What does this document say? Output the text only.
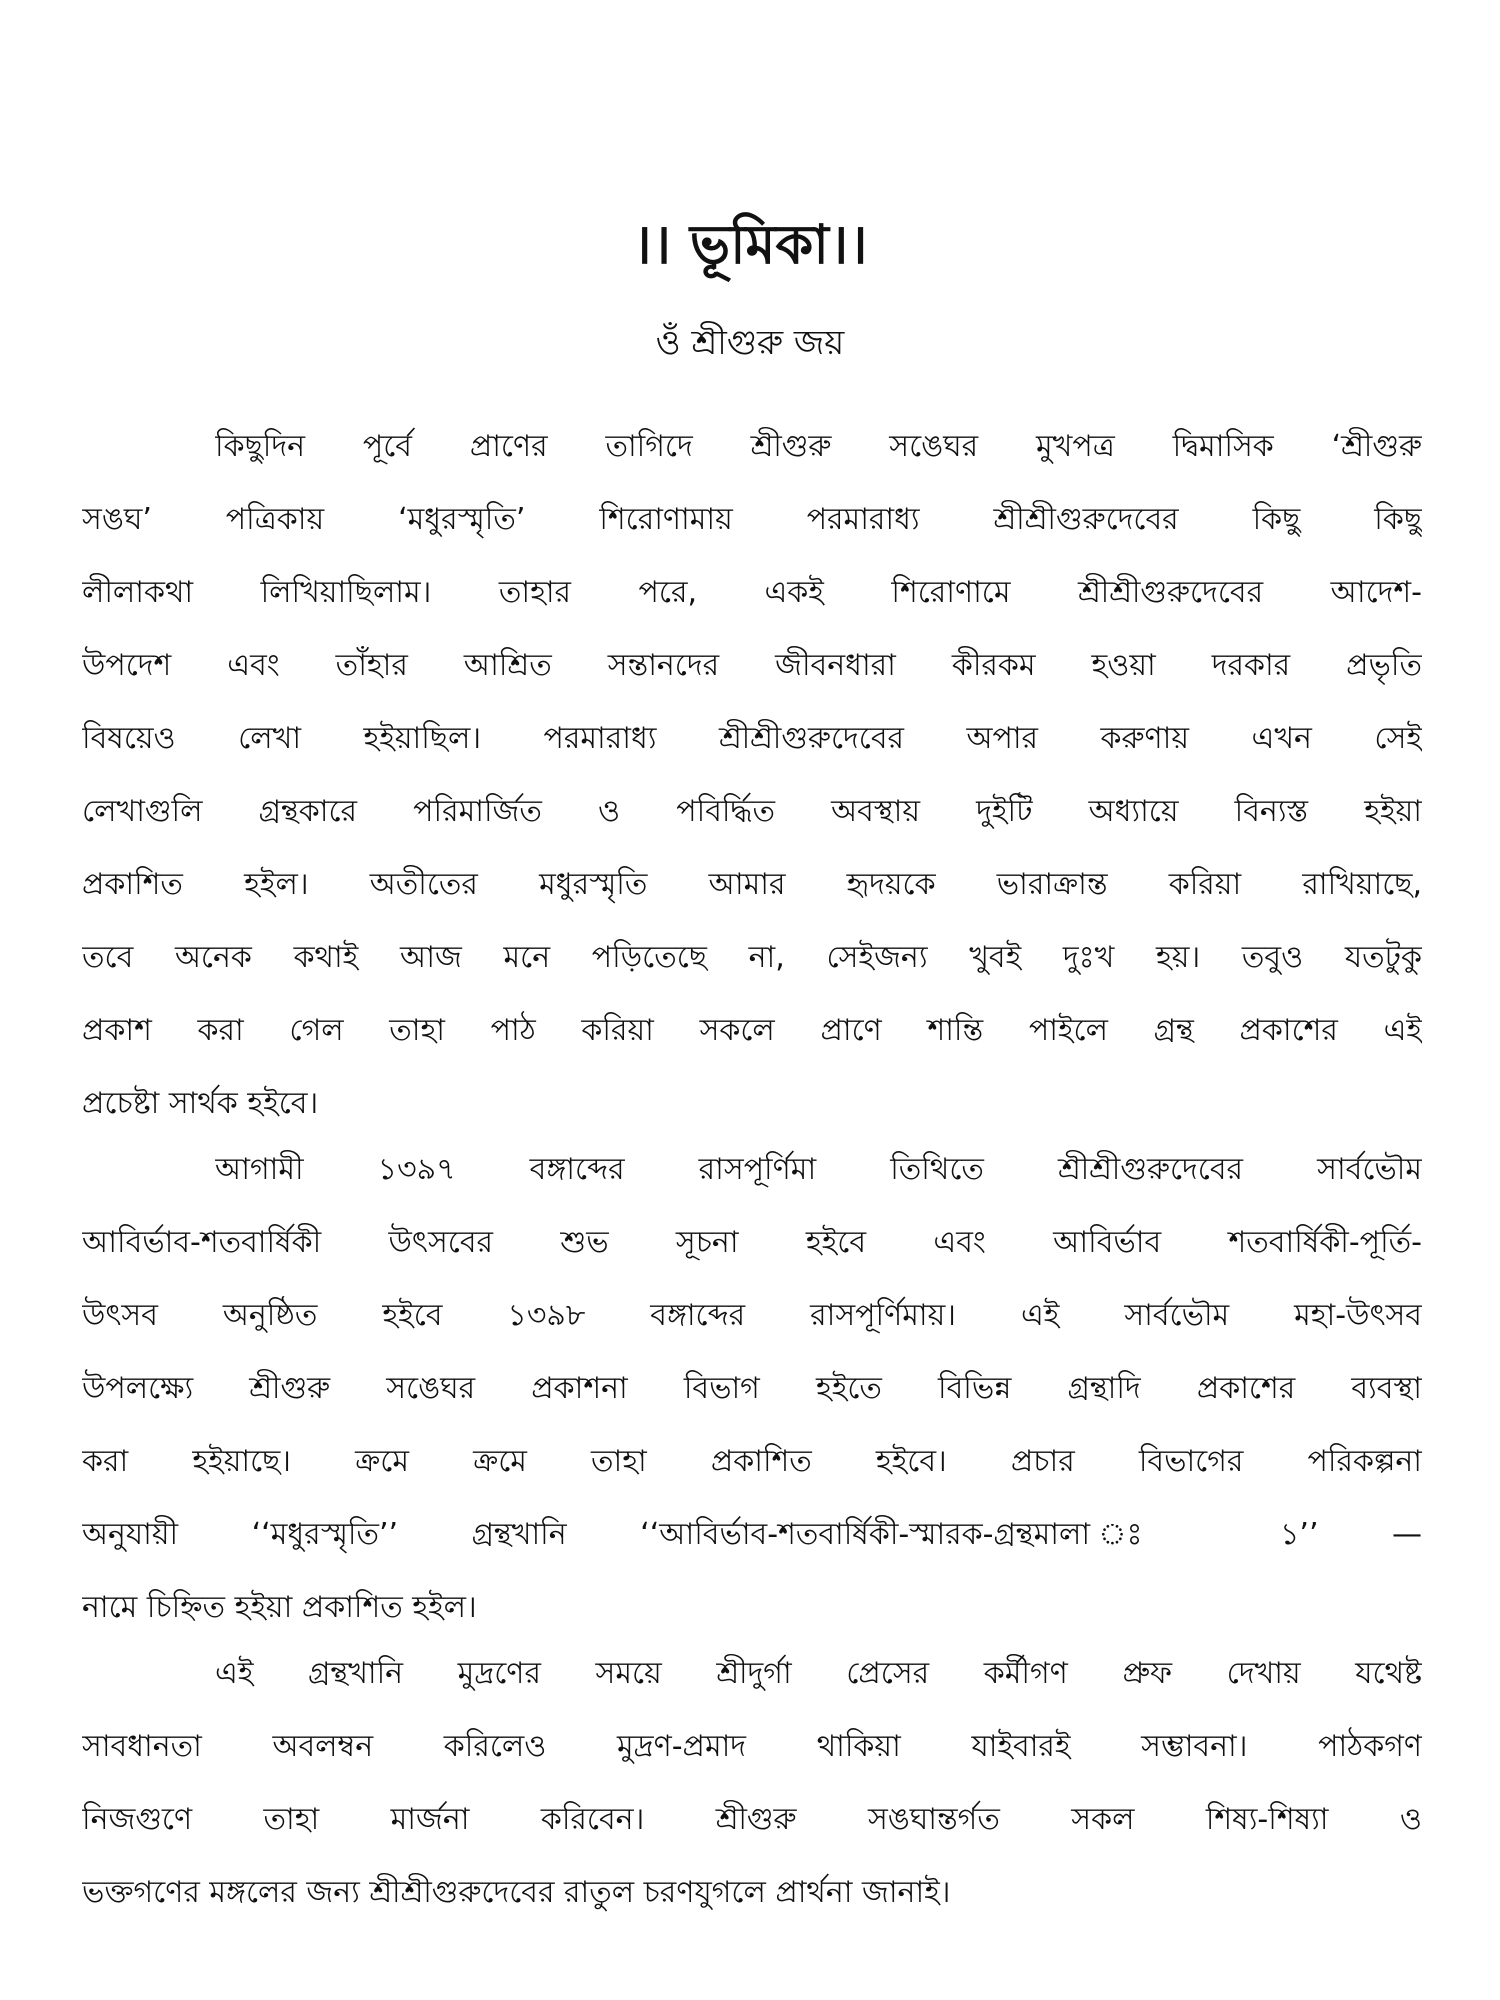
।। ভূমিকা।।
ওঁ শ্রীগুরু জয়
কিছুদিন পূর্বে প্রাণের তাগিদে শ্রীগুরু সঙেঘর মুখপত্র দ্বিমাসিক ‘শ্রীগুরু
সঙঘ’ পত্রিকায় ‘মধুরস্মৃতি’ শিরোণামায় পরমারাধ্য শ্রীশ্রীগুরুদেবের কিছু কিছু
লীলাকথা লিখিয়াছিলাম। তাহার পরে, একই শিরোণামে শ্রীশ্রীগুরুদেবের আদেশ-
উপদেশ এবং তাঁহার আশ্রিত সন্তানদের জীবনধারা কীরকম হওয়া দরকার প্রভৃতি
বিষয়েও লেখা হইয়াছিল। পরমারাধ্য শ্রীশ্রীগুরুদেবের অপার করুণায় এখন সেই
লেখাগুলি গ্রন্থকারে পরিমার্জিত ও পবির্দ্ধিত অবস্থায় দুইটি অধ্যায়ে বিন্যস্ত হইয়া
প্রকাশিত হইল। অতীতের মধুরস্মৃতি আমার হৃদয়কে ভারাক্রান্ত করিয়া রাখিয়াছে,
তবে অনেক কথাই আজ মনে পড়িতেছে না, সেইজন্য খুবই দুঃখ হয়। তবুও যতটুকু
প্রকাশ করা গেল তাহা পাঠ করিয়া সকলে প্রাণে শান্তি পাইলে গ্রন্থ প্রকাশের এই
প্রচেষ্টা সার্থক হইবে।
আগামী ১৩৯৭ বঙ্গাব্দের রাসপূর্ণিমা তিথিতে শ্রীশ্রীগুরুদেবের সার্বভৌম
আবির্ভাব-শতবার্ষিকী উৎসবের শুভ সূচনা হইবে এবং আবির্ভাব শতবার্ষিকী-পূর্তি-
উৎসব অনুষ্ঠিত হইবে ১৩৯৮ বঙ্গাব্দের রাসপূর্ণিমায়। এই সার্বভৌম মহা-উৎসব
উপলক্ষ্যে শ্রীগুরু সঙেঘর প্রকাশনা বিভাগ হইতে বিভিন্ন গ্রন্থাদি প্রকাশের ব্যবস্থা
করা হইয়াছে। ক্রমে ক্রমে তাহা প্রকাশিত হইবে। প্রচার বিভাগের পরিকল্পনা
অনুযায়ী ‘‘মধুরস্মৃতি’’ গ্রন্থখানি ‘‘আবির্ভাব-শতবার্ষিকী-স্মারক-গ্রন্থমালা ঃ ১’’ —
নামে চিহ্নিত হইয়া প্রকাশিত হইল।
এই গ্রন্থখানি মুদ্রণের সময়ে শ্রীদুর্গা প্রেসের কর্মীগণ প্রুফ দেখায় যথেষ্ট
সাবধানতা অবলম্বন করিলেও মুদ্রণ-প্রমাদ থাকিয়া যাইবারই সম্ভাবনা। পাঠকগণ
নিজগুণে তাহা মার্জনা করিবেন। শ্রীগুরু সঙঘান্তর্গত সকল শিষ্য-শিষ্যা ও
ভক্তগণের মঙ্গলের জন্য শ্রীশ্রীগুরুদেবের রাতুল চরণযুগলে প্রার্থনা জানাই।
